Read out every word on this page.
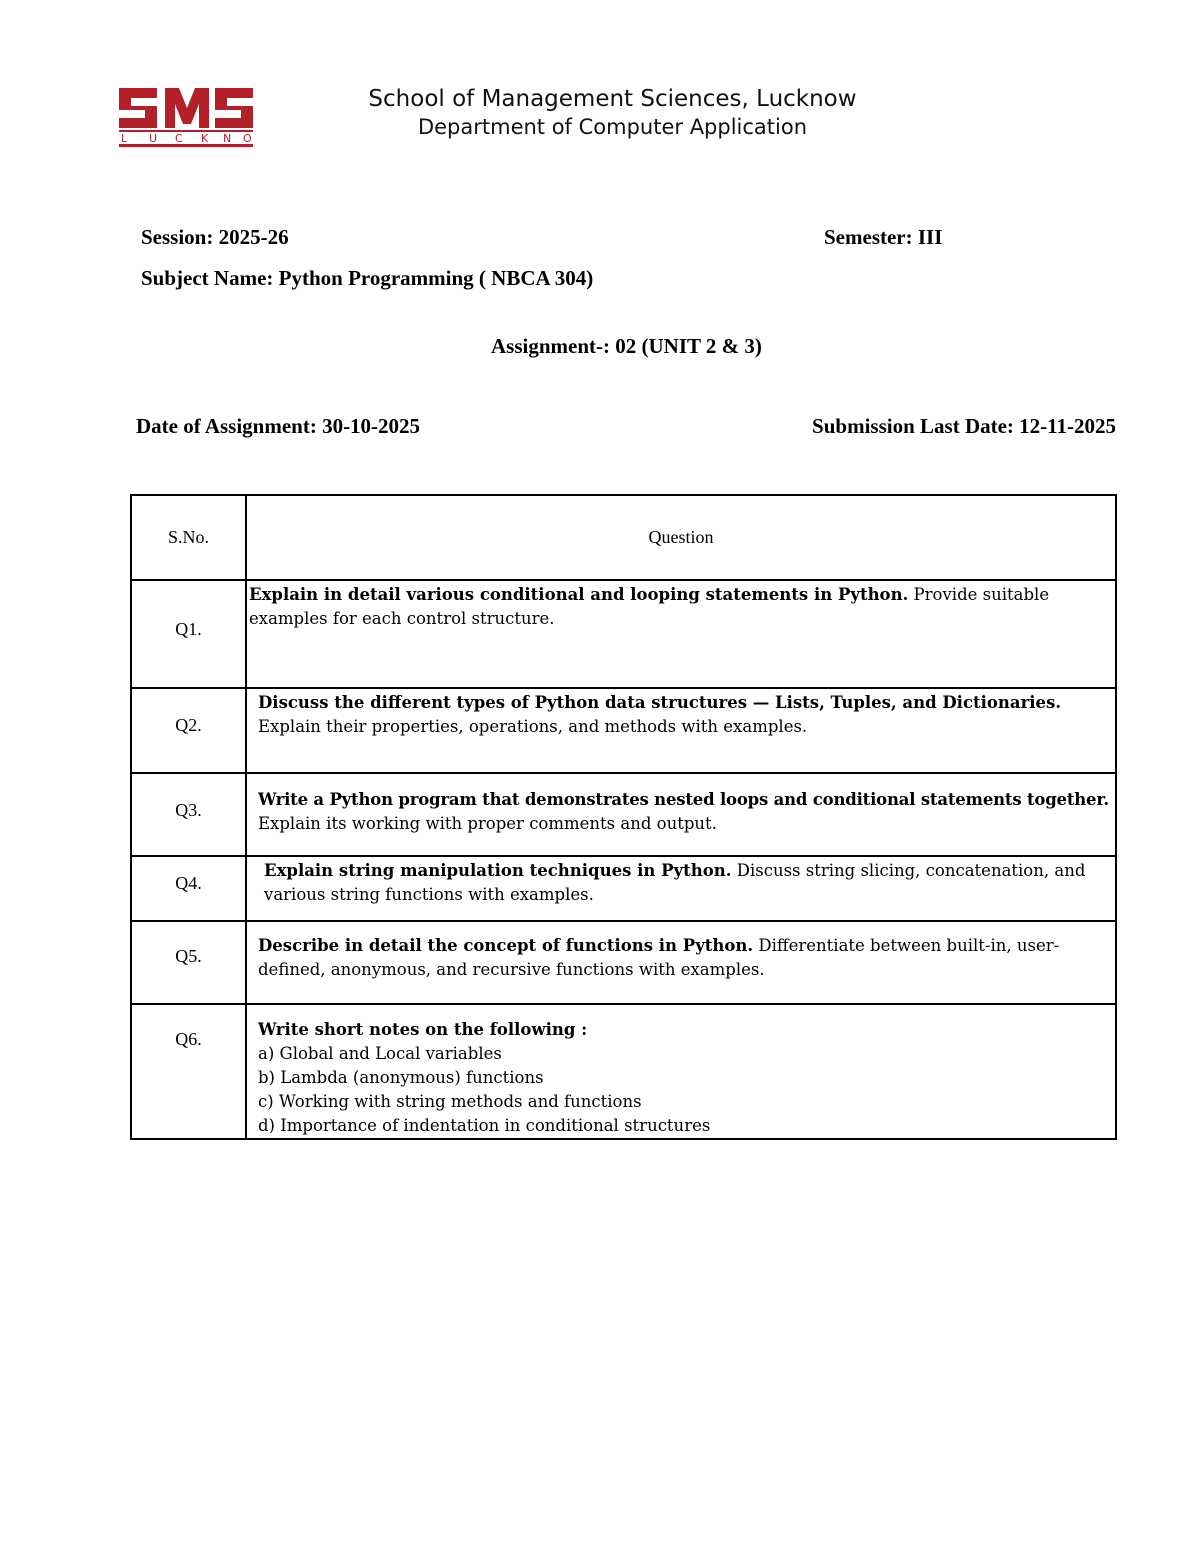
L U C K N O
School of Management Sciences, Lucknow
Department of Computer Application
Session: 2025-26	Semester: III
Subject Name: Python Programming ( NBCA 304)
Assignment-: 02 (UNIT 2 & 3)
Date of Assignment: 30-10-2025	Submission Last Date: 12-11-2025
S.No.	Question
Q1.	Explain in detail various conditional and looping statements in Python. Provide suitable examples for each control structure.
Q2.	Discuss the different types of Python data structures — Lists, Tuples, and Dictionaries. Explain their properties, operations, and methods with examples.
Q3.	Write a Python program that demonstrates nested loops and conditional statements together. Explain its working with proper comments and output.
Q4.	Explain string manipulation techniques in Python. Discuss string slicing, concatenation, and various string functions with examples.
Q5.	Describe in detail the concept of functions in Python. Differentiate between built-in, user-defined, anonymous, and recursive functions with examples.
Q6.	Write short notes on the following :
a) Global and Local variables
b) Lambda (anonymous) functions
c) Working with string methods and functions
d) Importance of indentation in conditional structures
